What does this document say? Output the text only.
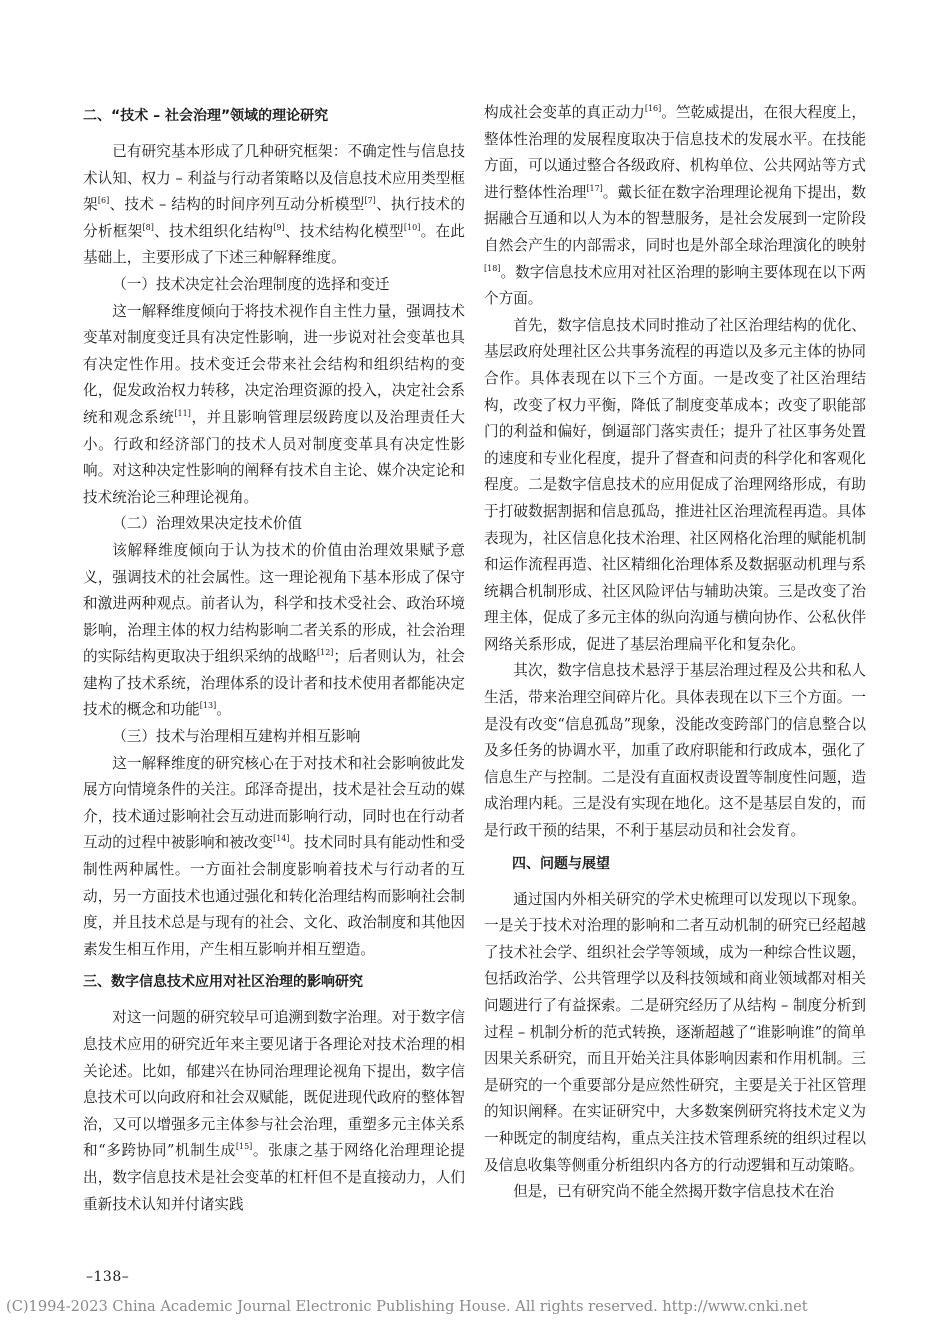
二、“技术 – 社会治理”领域的理论研究

已有研究基本形成了几种研究框架：不确定性与信息技术认知、权力 – 利益与行动者策略以及信息技术应用类型框架[6]、技术 – 结构的时间序列互动分析模型[7]、执行技术的分析框架[8]、技术组织化结构[9]、技术结构化模型[10]。在此基础上，主要形成了下述三种解释维度。

（一）技术决定社会治理制度的选择和变迁

这一解释维度倾向于将技术视作自主性力量，强调技术变革对制度变迁具有决定性影响，进一步说对社会变革也具有决定性作用。技术变迁会带来社会结构和组织结构的变化，促发政治权力转移，决定治理资源的投入，决定社会系统和观念系统[11]，并且影响管理层级跨度以及治理责任大小。行政和经济部门的技术人员对制度变革具有决定性影响。对这种决定性影响的阐释有技术自主论、媒介决定论和技术统治论三种理论视角。

（二）治理效果决定技术价值

该解释维度倾向于认为技术的价值由治理效果赋予意义，强调技术的社会属性。这一理论视角下基本形成了保守和激进两种观点。前者认为，科学和技术受社会、政治环境影响，治理主体的权力结构影响二者关系的形成，社会治理的实际结构更取决于组织采纳的战略[12]；后者则认为，社会建构了技术系统，治理体系的设计者和技术使用者都能决定技术的概念和功能[13]。

（三）技术与治理相互建构并相互影响

这一解释维度的研究核心在于对技术和社会影响彼此发展方向情境条件的关注。邱泽奇提出，技术是社会互动的媒介，技术通过影响社会互动进而影响行动，同时也在行动者互动的过程中被影响和被改变[14]。技术同时具有能动性和受制性两种属性。一方面社会制度影响着技术与行动者的互动，另一方面技术也通过强化和转化治理结构而影响社会制度，并且技术总是与现有的社会、文化、政治制度和其他因素发生相互作用，产生相互影响并相互塑造。

三、数字信息技术应用对社区治理的影响研究

对这一问题的研究较早可追溯到数字治理。对于数字信息技术应用的研究近年来主要见诸于各理论对技术治理的相关论述。比如，郁建兴在协同治理理论视角下提出，数字信息技术可以向政府和社会双赋能，既促进现代政府的整体智治，又可以增强多元主体参与社会治理，重塑多元主体关系和“多跨协同”机制生成[15]。张康之基于网络化治理理论提出，数字信息技术是社会变革的杠杆但不是直接动力，人们重新技术认知并付诸实践

构成社会变革的真正动力[16]。竺乾威提出，在很大程度上，整体性治理的发展程度取决于信息技术的发展水平。在技能方面，可以通过整合各级政府、机构单位、公共网站等方式进行整体性治理[17]。戴长征在数字治理理论视角下提出，数据融合互通和以人为本的智慧服务，是社会发展到一定阶段自然会产生的内部需求，同时也是外部全球治理演化的映射[18]。数字信息技术应用对社区治理的影响主要体现在以下两个方面。

首先，数字信息技术同时推动了社区治理结构的优化、基层政府处理社区公共事务流程的再造以及多元主体的协同合作。具体表现在以下三个方面。一是改变了社区治理结构，改变了权力平衡，降低了制度变革成本；改变了职能部门的利益和偏好，倒逼部门落实责任；提升了社区事务处置的速度和专业化程度，提升了督查和问责的科学化和客观化程度。二是数字信息技术的应用促成了治理网络形成，有助于打破数据割据和信息孤岛，推进社区治理流程再造。具体表现为，社区信息化技术治理、社区网格化治理的赋能机制和运作流程再造、社区精细化治理体系及数据驱动机理与系统耦合机制形成、社区风险评估与辅助决策。三是改变了治理主体，促成了多元主体的纵向沟通与横向协作、公私伙伴网络关系形成，促进了基层治理扁平化和复杂化。

其次，数字信息技术悬浮于基层治理过程及公共和私人生活，带来治理空间碎片化。具体表现在以下三个方面。一是没有改变“信息孤岛”现象，没能改变跨部门的信息整合以及多任务的协调水平，加重了政府职能和行政成本，强化了信息生产与控制。二是没有直面权责设置等制度性问题，造成治理内耗。三是没有实现在地化。这不是基层自发的，而是行政干预的结果，不利于基层动员和社会发育。

四、问题与展望

通过国内外相关研究的学术史梳理可以发现以下现象。一是关于技术对治理的影响和二者互动机制的研究已经超越了技术社会学、组织社会学等领域，成为一种综合性议题，包括政治学、公共管理学以及科技领域和商业领域都对相关问题进行了有益探索。二是研究经历了从结构 – 制度分析到过程 – 机制分析的范式转换，逐渐超越了“谁影响谁”的简单因果关系研究，而且开始关注具体影响因素和作用机制。三是研究的一个重要部分是应然性研究，主要是关于社区管理的知识阐释。在实证研究中，大多数案例研究将技术定义为一种既定的制度结构，重点关注技术管理系统的组织过程以及信息收集等侧重分析组织内各方的行动逻辑和互动策略。

但是，已有研究尚不能全然揭开数字信息技术在治

–138–
(C)1994-2023 China Academic Journal Electronic Publishing House. All rights reserved. http://www.cnki.net
